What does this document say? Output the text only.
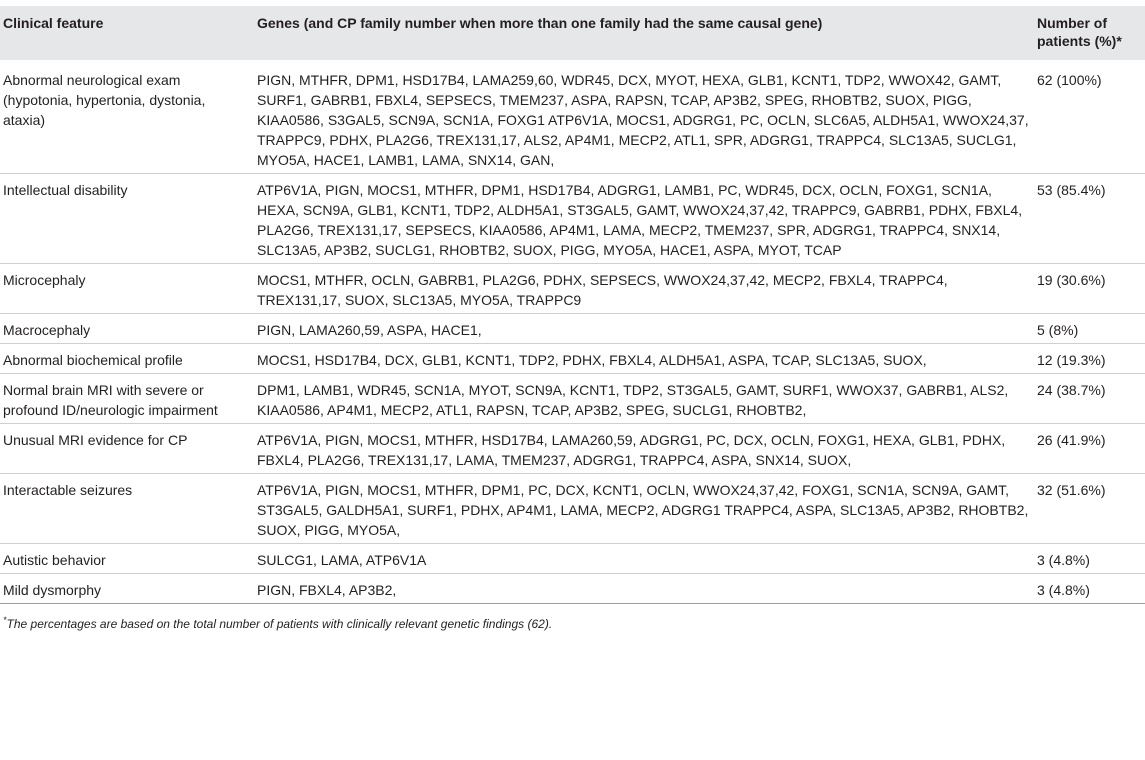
Clinical feature	Genes (and CP family number when more than one family had the same causal gene)	Number of patients (%)*
Abnormal neurological exam (hypotonia, hypertonia, dystonia, ataxia)	PIGN, MTHFR, DPM1, HSD17B4, LAMA259,60, WDR45, DCX, MYOT, HEXA, GLB1, KCNT1, TDP2, WWOX42, GAMT, SURF1, GABRB1, FBXL4, SEPSECS, TMEM237, ASPA, RAPSN, TCAP, AP3B2, SPEG, RHOBTB2, SUOX, PIGG, KIAA0586, S3GAL5, SCN9A, SCN1A, FOXG1 ATP6V1A, MOCS1, ADGRG1, PC, OCLN, SLC6A5, ALDH5A1, WWOX24,37, TRAPPC9, PDHX, PLA2G6, TREX131,17, ALS2, AP4M1, MECP2, ATL1, SPR, ADGRG1, TRAPPC4, SLC13A5, SUCLG1, MYO5A, HACE1, LAMB1, LAMA, SNX14, GAN,	62 (100%)
Intellectual disability	ATP6V1A, PIGN, MOCS1, MTHFR, DPM1, HSD17B4, ADGRG1, LAMB1, PC, WDR45, DCX, OCLN, FOXG1, SCN1A, HEXA, SCN9A, GLB1, KCNT1, TDP2, ALDH5A1, ST3GAL5, GAMT, WWOX24,37,42, TRAPPC9, GABRB1, PDHX, FBXL4, PLA2G6, TREX131,17, SEPSECS, KIAA0586, AP4M1, LAMA, MECP2, TMEM237, SPR, ADGRG1, TRAPPC4, SNX14, SLC13A5, AP3B2, SUCLG1, RHOBTB2, SUOX, PIGG, MYO5A, HACE1, ASPA, MYOT, TCAP	53 (85.4%)
Microcephaly	MOCS1, MTHFR, OCLN, GABRB1, PLA2G6, PDHX, SEPSECS, WWOX24,37,42, MECP2, FBXL4, TRAPPC4, TREX131,17, SUOX, SLC13A5, MYO5A, TRAPPC9	19 (30.6%)
Macrocephaly	PIGN, LAMA260,59, ASPA, HACE1,	5 (8%)
Abnormal biochemical profile	MOCS1, HSD17B4, DCX, GLB1, KCNT1, TDP2, PDHX, FBXL4, ALDH5A1, ASPA, TCAP, SLC13A5, SUOX,	12 (19.3%)
Normal brain MRI with severe or profound ID/neurologic impairment	DPM1, LAMB1, WDR45, SCN1A, MYOT, SCN9A, KCNT1, TDP2, ST3GAL5, GAMT, SURF1, WWOX37, GABRB1, ALS2, KIAA0586, AP4M1, MECP2, ATL1, RAPSN, TCAP, AP3B2, SPEG, SUCLG1, RHOBTB2,	24 (38.7%)
Unusual MRI evidence for CP	ATP6V1A, PIGN, MOCS1, MTHFR, HSD17B4, LAMA260,59, ADGRG1, PC, DCX, OCLN, FOXG1, HEXA, GLB1, PDHX, FBXL4, PLA2G6, TREX131,17, LAMA, TMEM237, ADGRG1, TRAPPC4, ASPA, SNX14, SUOX,	26 (41.9%)
Interactable seizures	ATP6V1A, PIGN, MOCS1, MTHFR, DPM1, PC, DCX, KCNT1, OCLN, WWOX24,37,42, FOXG1, SCN1A, SCN9A, GAMT, ST3GAL5, GALDH5A1, SURF1, PDHX, AP4M1, LAMA, MECP2, ADGRG1 TRAPPC4, ASPA, SLC13A5, AP3B2, RHOBTB2, SUOX, PIGG, MYO5A,	32 (51.6%)
Autistic behavior	SULCG1, LAMA, ATP6V1A	3 (4.8%)
Mild dysmorphy	PIGN, FBXL4, AP3B2,	3 (4.8%)
*The percentages are based on the total number of patients with clinically relevant genetic findings (62).
